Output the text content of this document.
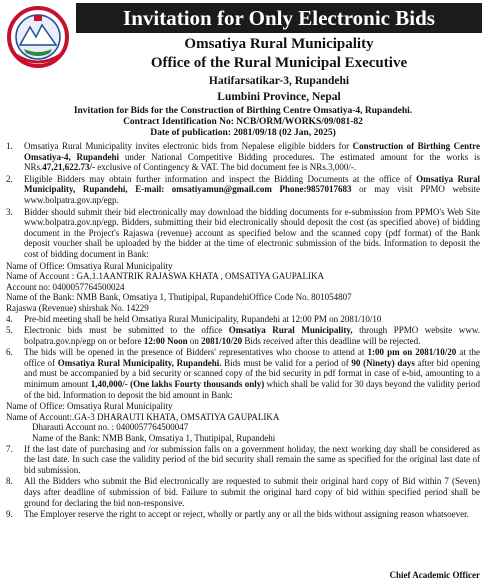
Invitation for Only Electronic Bids
Omsatiya Rural Municipality
Office of the Rural Municipal Executive
Hatifarsatikar-3, Rupandehi
Lumbini Province, Nepal
Invitation for Bids for the Construction of Birthing Centre Omsatiya-4, Rupandehi.
Contract Identification No: NCB/ORM/WORKS/09/081-82
Date of publication: 2081/09/18 (02 Jan, 2025)
1.	Omsatiya Rural Municipality invites electronic bids from Nepalese eligible bidders for Construction of Birthing Centre Omsatiya-4, Rupandehi under National Competitive Bidding procedures. The estimated amount for the works is NRs.47,21,622.73/- exclusive of Contingency & VAT. The bid document fee is NRs.3,000/-.
2.	Eligible Bidders may obtain further information and inspect the Bidding Documents at the office of Omsatiya Rural Municipality, Rupandehi, E-mail: omsatiyamun@gmail.com Phone:9857017683 or may visit PPMO website www.bolpatra.gov.np/egp.
3.	Bidder should submit their bid electronically may download the bidding documents for e-submission from PPMO's Web Site www.bolpatra.gov.np/egp. Bidders, submitting their bid electronically should deposit the cost (as specified above) of bidding document in the Project's Rajaswa (revenue) account as specified below and the scanned copy (pdf format) of the Bank deposit voucher shall be uploaded by the bidder at the time of electronic submission of the bids. Information to deposit the cost of bidding document in Bank:

Name of Office: Omsatiya Rural Municipality

Name of Account : GA.1.1AANTRIK RAJASWA KHATA , OMSATIYA GAUPALIKA

Account no: 0400057764500024

Name of the Bank: NMB Bank, Omsatiya 1, Thutipipal, RupandehiOffice Code No. 801054807

Rajaswa (Revenue) shirshak No. 14229

4.	Pre-bid meeting shall be held Omsatiya Rural Municipality, Rupandehi at 12:00 PM on 2081/10/10
5.	Electronic bids must be submitted to the office Omsatiya Rural Municipality, through PPMO website www. bolpatra.gov.np/egp on or before 12:00 Noon on 2081/10/20 Bids received after this deadline will be rejected.
6.	The bids will be opened in the presence of Bidders' representatives who choose to attend at 1:00 pm on 2081/10/20 at the office of Omsatiya Rural Municipality, Rupandehi. Bids must be valid for a period of 90 (Ninety) days after bid opening and must be accompanied by a bid security or scanned copy of the bid security in pdf format in case of e-bid, amounting to a minimum amount 1,40,000/- (One lakhs Fourty thousands only) which shall be valid for 30 days beyond the validity period of the bid. Information to deposit the bid amount in Bank:

Name of Office: Omsatiya Rural Municipality

Name of Account:.GA-3 DHARAUTI KHATA, OMSATIYA GAUPALIKA

Dharauti Account no. : 0400057764500047

Name of the Bank: NMB Bank, Omsatiya 1, Thutipipal, Rupandehi

7.	If the last date of purchasing and /or submission falls on a government holiday, the next working day shall be considered as the last date. In such case the validity period of the bid security shall remain the same as specified for the original last date of bid submission.
8.	All the Bidders who submit the Bid electronically are requested to submit their original hard copy of Bid within 7 (Seven) days after deadline of submission of bid. Failure to submit the original hard copy of bid within specified period shall be ground for declaring the bid non-responsive.
9.	The Employer reserve the right to accept or reject, wholly or partly any or all the bids without assigning reason whatsoever.
Chief Academic Officer
